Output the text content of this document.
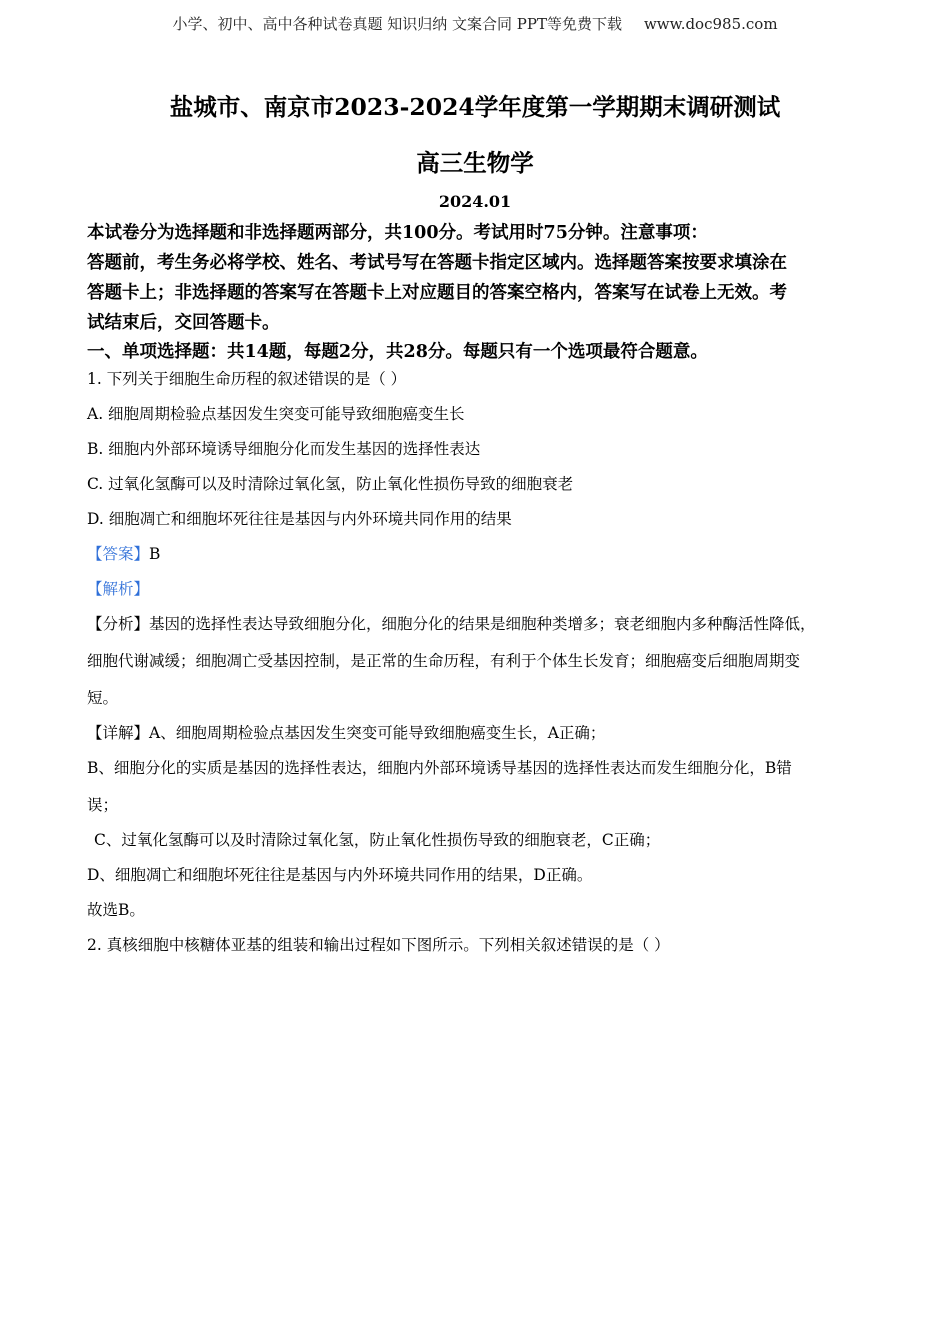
小学、初中、高中各种试卷真题 知识归纳 文案合同 PPT等免费下载 www.doc985.com
盐城市、南京市2023-2024学年度第一学期期末调研测试
高三生物学
2024.01
本试卷分为选择题和非选择题两部分，共100分。考试用时75分钟。注意事项：
答题前，考生务必将学校、姓名、考试号写在答题卡指定区域内。选择题答案按要求填涂在
答题卡上；非选择题的答案写在答题卡上对应题目的答案空格内，答案写在试卷上无效。考
试结束后，交回答题卡。
一、单项选择题：共14题，每题2分，共28分。每题只有一个选项最符合题意。
1. 下列关于细胞生命历程的叙述错误的是（ ）
A. 细胞周期检验点基因发生突变可能导致细胞癌变生长
B. 细胞内外部环境诱导细胞分化而发生基因的选择性表达
C. 过氧化氢酶可以及时清除过氧化氢，防止氧化性损伤导致的细胞衰老
D. 细胞凋亡和细胞坏死往往是基因与内外环境共同作用的结果
【答案】B
【解析】
【分析】基因的选择性表达导致细胞分化，细胞分化的结果是细胞种类增多；衰老细胞内多种酶活性降低，
细胞代谢减缓；细胞凋亡受基因控制，是正常的生命历程，有利于个体生长发育；细胞癌变后细胞周期变
短。
【详解】A、细胞周期检验点基因发生突变可能导致细胞癌变生长，A正确；
B、细胞分化的实质是基因的选择性表达，细胞内外部环境诱导基因的选择性表达而发生细胞分化，B错
误；
C、过氧化氢酶可以及时清除过氧化氢，防止氧化性损伤导致的细胞衰老，C正确；
D、细胞凋亡和细胞坏死往往是基因与内外环境共同作用的结果，D正确。
故选B。
2. 真核细胞中核糖体亚基的组装和输出过程如下图所示。下列相关叙述错误的是（ ）
